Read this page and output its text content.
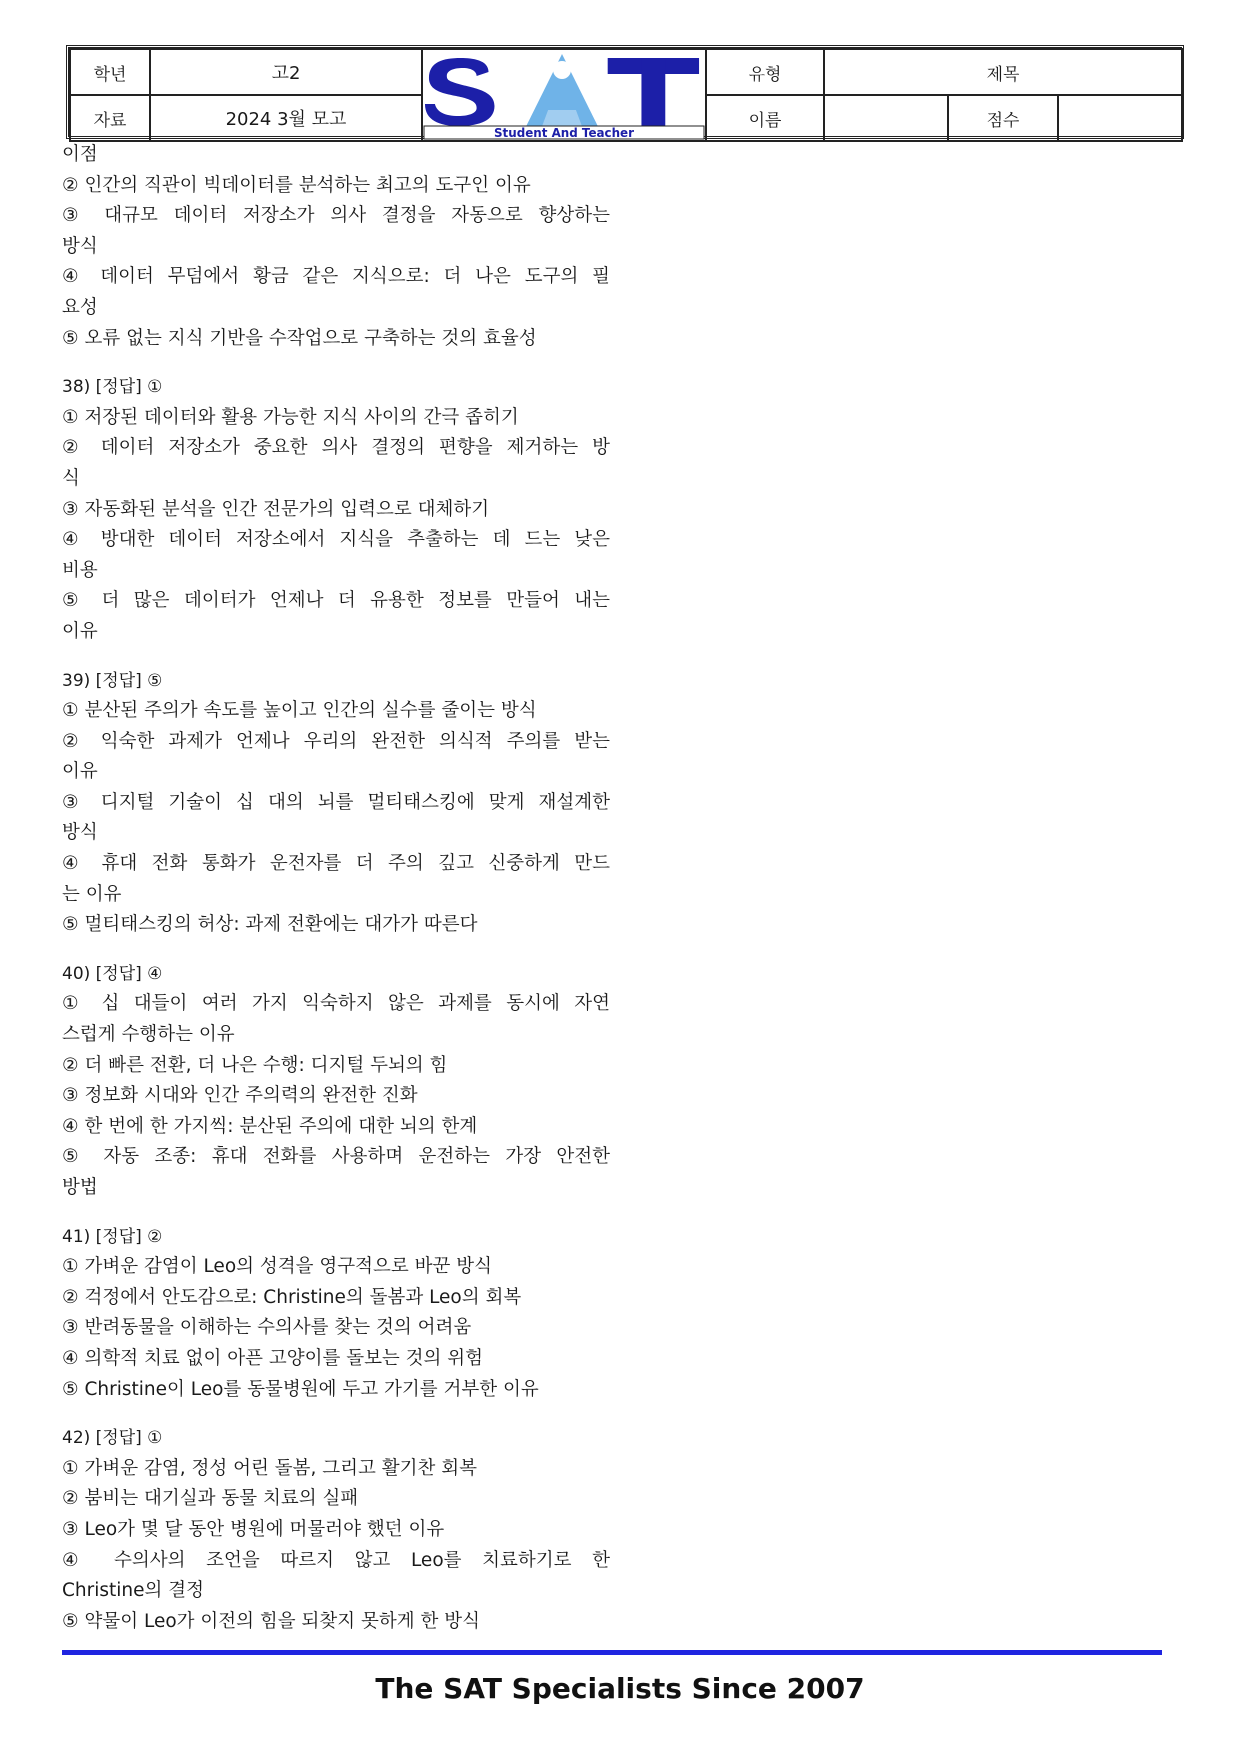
학년	고2	Student And Teacher	유형	제목		
자료	2024 3월 모고		이름		점수	
이점
② 인간의 직관이 빅데이터를 분석하는 최고의 도구인 이유
③ 대규모 데이터 저장소가 의사 결정을 자동으로 향상하는
방식
④ 데이터 무덤에서 황금 같은 지식으로: 더 나은 도구의 필
요성
⑤ 오류 없는 지식 기반을 수작업으로 구축하는 것의 효율성
38) [정답] ①
① 저장된 데이터와 활용 가능한 지식 사이의 간극 좁히기
② 데이터 저장소가 중요한 의사 결정의 편향을 제거하는 방
식
③ 자동화된 분석을 인간 전문가의 입력으로 대체하기
④ 방대한 데이터 저장소에서 지식을 추출하는 데 드는 낮은
비용
⑤ 더 많은 데이터가 언제나 더 유용한 정보를 만들어 내는
이유
39) [정답] ⑤
① 분산된 주의가 속도를 높이고 인간의 실수를 줄이는 방식
② 익숙한 과제가 언제나 우리의 완전한 의식적 주의를 받는
이유
③ 디지털 기술이 십 대의 뇌를 멀티태스킹에 맞게 재설계한
방식
④ 휴대 전화 통화가 운전자를 더 주의 깊고 신중하게 만드
는 이유
⑤ 멀티태스킹의 허상: 과제 전환에는 대가가 따른다
40) [정답] ④
① 십 대들이 여러 가지 익숙하지 않은 과제를 동시에 자연
스럽게 수행하는 이유
② 더 빠른 전환, 더 나은 수행: 디지털 두뇌의 힘
③ 정보화 시대와 인간 주의력의 완전한 진화
④ 한 번에 한 가지씩: 분산된 주의에 대한 뇌의 한계
⑤ 자동 조종: 휴대 전화를 사용하며 운전하는 가장 안전한
방법
41) [정답] ②
① 가벼운 감염이 Leo의 성격을 영구적으로 바꾼 방식
② 걱정에서 안도감으로: Christine의 돌봄과 Leo의 회복
③ 반려동물을 이해하는 수의사를 찾는 것의 어려움
④ 의학적 치료 없이 아픈 고양이를 돌보는 것의 위험
⑤ Christine이 Leo를 동물병원에 두고 가기를 거부한 이유
42) [정답] ①
① 가벼운 감염, 정성 어린 돌봄, 그리고 활기찬 회복
② 붐비는 대기실과 동물 치료의 실패
③ Leo가 몇 달 동안 병원에 머물러야 했던 이유
④ 수의사의 조언을 따르지 않고 Leo를 치료하기로 한
Christine의 결정
⑤ 약물이 Leo가 이전의 힘을 되찾지 못하게 한 방식
The SAT Specialists Since 2007
